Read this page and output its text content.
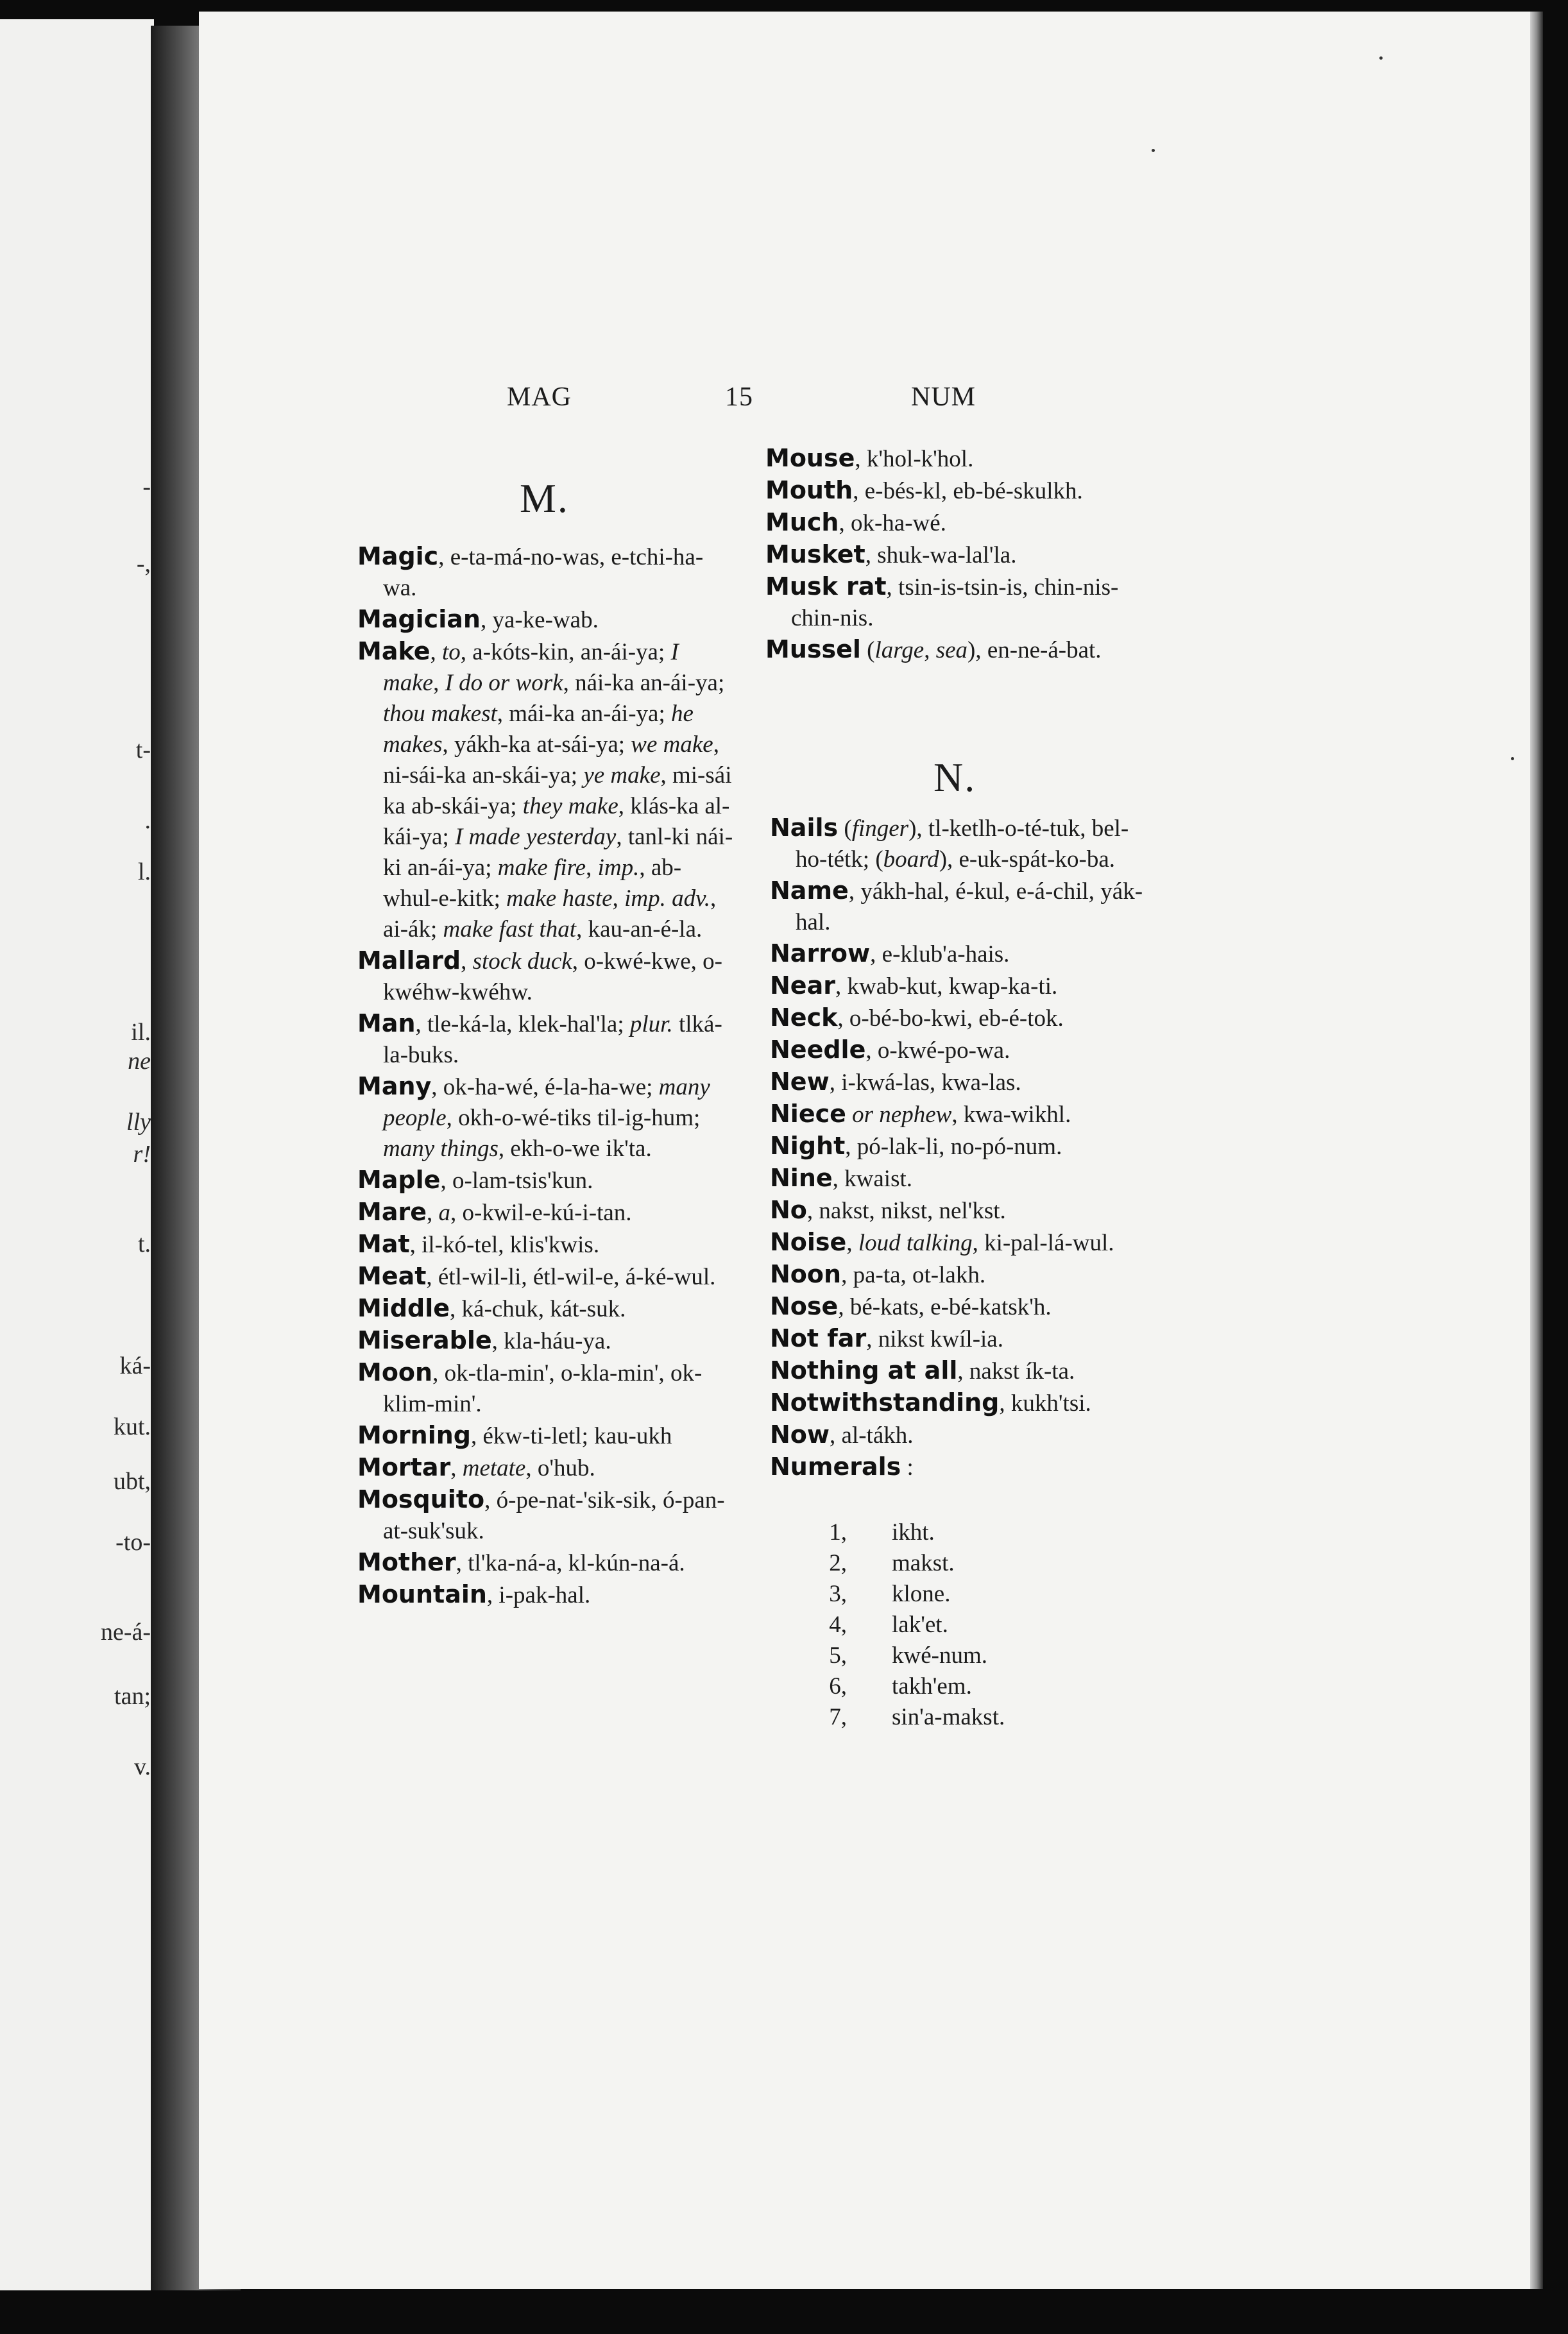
-
-,
t-
.
l.
il.
ne
lly
r!
t.
ká-
kut.
ubt,
-to-
ne-á-
tan;
v.
MAG	15	NUM
M.
N.

Magic, e-ta-má-no-was, e-tchi-ha-wa.

Magician, ya-ke-wab.

Make, to, a-kóts-kin, an-ái-ya; I make, I do or work, nái-ka an-ái-ya; thou makest, mái-ka an-ái-ya; he makes, yákh-ka at-sái-ya; we make, ni-sái-ka an-skái-ya; ye make, mi-sái ka ab-skái-ya; they make, klás-ka al-kái-ya; I made yesterday, tanl-ki nái-ki an-ái-ya; make fire, imp., ab-whul-e-kitk; make haste, imp. adv., ai-ák; make fast that, kau-an-é-la.

Mallard, stock duck, o-kwé-kwe, o-kwéhw-kwéhw.

Man, tle-ká-la, klek-hal'la; plur. tlká-la-buks.

Many, ok-ha-wé, é-la-ha-we; many people, okh-o-wé-tiks til-ig-hum; many things, ekh-o-we ik'ta.

Maple, o-lam-tsis'kun.

Mare, a, o-kwil-e-kú-i-tan.

Mat, il-kó-tel, klis'kwis.

Meat, étl-wil-li, étl-wil-e, á-ké-wul.

Middle, ká-chuk, kát-suk.

Miserable, kla-háu-ya.

Moon, ok-tla-min', o-kla-min', ok-klim-min'.

Morning, ékw-ti-letl; kau-ukh

Mortar, metate, o'hub.

Mosquito, ó-pe-nat-'sik-sik, ó-pan-at-suk'suk.

Mother, tl'ka-ná-a, kl-kún-na-á.

Mountain, i-pak-hal.

Mouse, k'hol-k'hol.

Mouth, e-bés-kl, eb-bé-skulkh.

Much, ok-ha-wé.

Musket, shuk-wa-lal'la.

Musk rat, tsin-is-tsin-is, chin-nis-chin-nis.

Mussel (large, sea), en-ne-á-bat.

Nails (finger), tl-ketlh-o-té-tuk, bel-ho-tétk; (board), e-uk-spát-ko-ba.

Name, yákh-hal, é-kul, e-á-chil, yák-hal.

Narrow, e-klub'a-hais.

Near, kwab-kut, kwap-ka-ti.

Neck, o-bé-bo-kwi, eb-é-tok.

Needle, o-kwé-po-wa.

New, i-kwá-las, kwa-las.

Niece or nephew, kwa-wikhl.

Night, pó-lak-li, no-pó-num.

Nine, kwaist.

No, nakst, nikst, nel'kst.

Noise, loud talking, ki-pal-lá-wul.

Noon, pa-ta, ot-lakh.

Nose, bé-kats, e-bé-katsk'h.

Not far, nikst kwíl-ia.

Nothing at all, nakst ík-ta.

Notwithstanding, kukh'tsi.

Now, al-tákh.

Numerals :

1,	ikht.
2,	makst.
3,	klone.
4,	lak'et.
5,	kwé-num.
6,	takh'em.
7,	sin'a-makst.
